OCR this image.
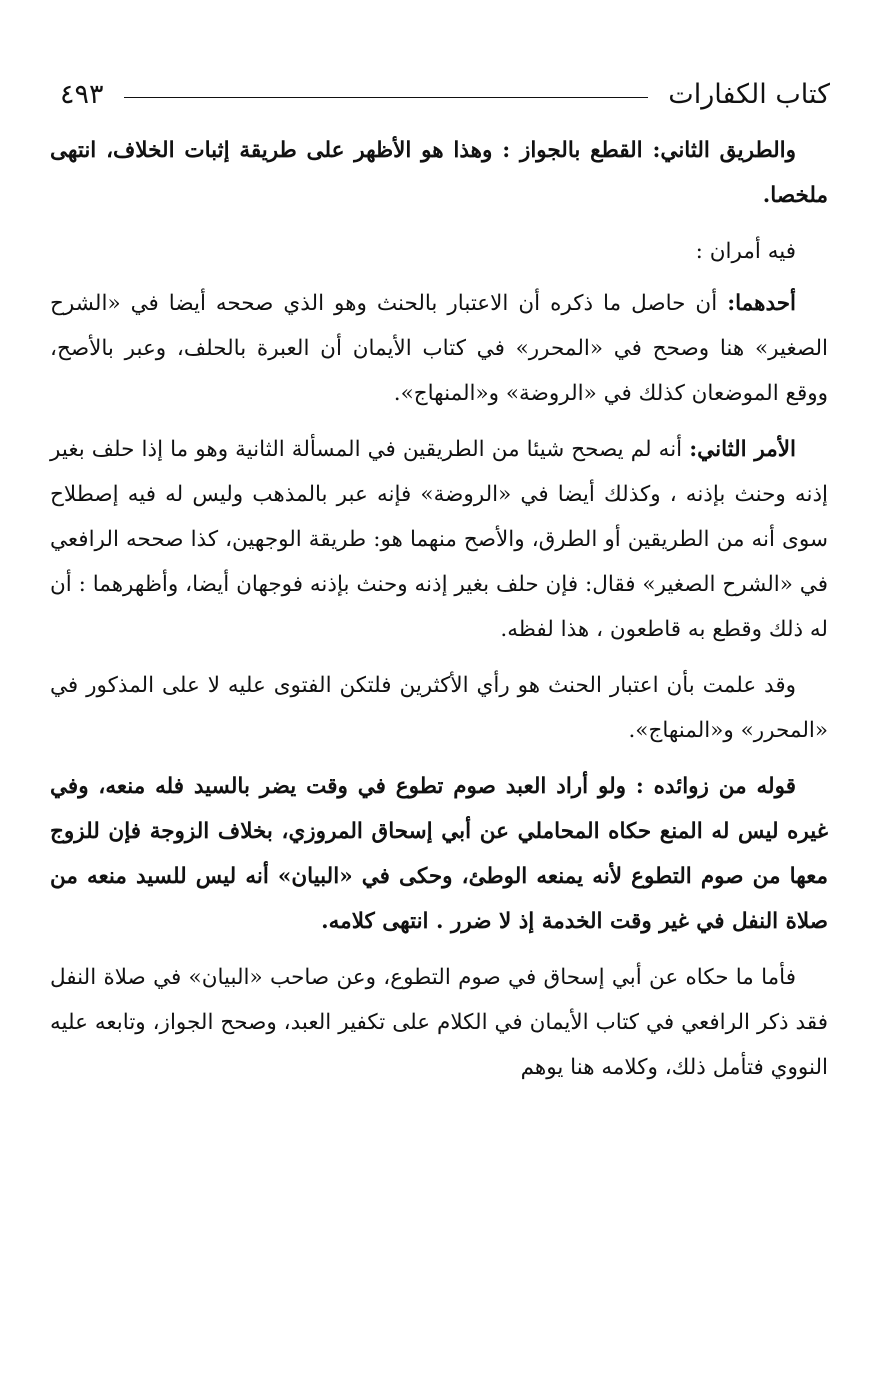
كتاب الكفارات
٤٩٣

والطريق الثاني: القطع بالجواز : وهذا هو الأظهر على طريقة إثبات الخلاف، انتهى ملخصا.

فيه أمران :

أحدهما: أن حاصل ما ذكره أن الاعتبار بالحنث وهو الذي صححه أيضا في «الشرح الصغير» هنا وصحح في «المحرر» في كتاب الأيمان أن العبرة بالحلف، وعبر بالأصح، ووقع الموضعان كذلك في «الروضة» و«المنهاج».

الأمر الثاني: أنه لم يصحح شيئا من الطريقين في المسألة الثانية وهو ما إذا حلف بغير إذنه وحنث بإذنه ، وكذلك أيضا في «الروضة» فإنه عبر بالمذهب وليس له فيه إصطلاح سوى أنه من الطريقين أو الطرق، والأصح منهما هو: طريقة الوجهين، كذا صححه الرافعي في «الشرح الصغير» فقال: فإن حلف بغير إذنه وحنث بإذنه فوجهان أيضا، وأظهرهما : أن له ذلك وقطع به قاطعون ، هذا لفظه.

وقد علمت بأن اعتبار الحنث هو رأي الأكثرين فلتكن الفتوى عليه لا على المذكور في «المحرر» و«المنهاج».

قوله من زوائده : ولو أراد العبد صوم تطوع في وقت يضر بالسيد فله منعه، وفي غيره ليس له المنع حكاه المحاملي عن أبي إسحاق المروزي، بخلاف الزوجة فإن للزوج معها من صوم التطوع لأنه يمنعه الوطئ، وحكى في «البيان» أنه ليس للسيد منعه من صلاة النفل في غير وقت الخدمة إذ لا ضرر . انتهى كلامه.

فأما ما حكاه عن أبي إسحاق في صوم التطوع، وعن صاحب «البيان» في صلاة النفل فقد ذكر الرافعي في كتاب الأيمان في الكلام على تكفير العبد، وصحح الجواز، وتابعه عليه النووي فتأمل ذلك، وكلامه هنا يوهم
